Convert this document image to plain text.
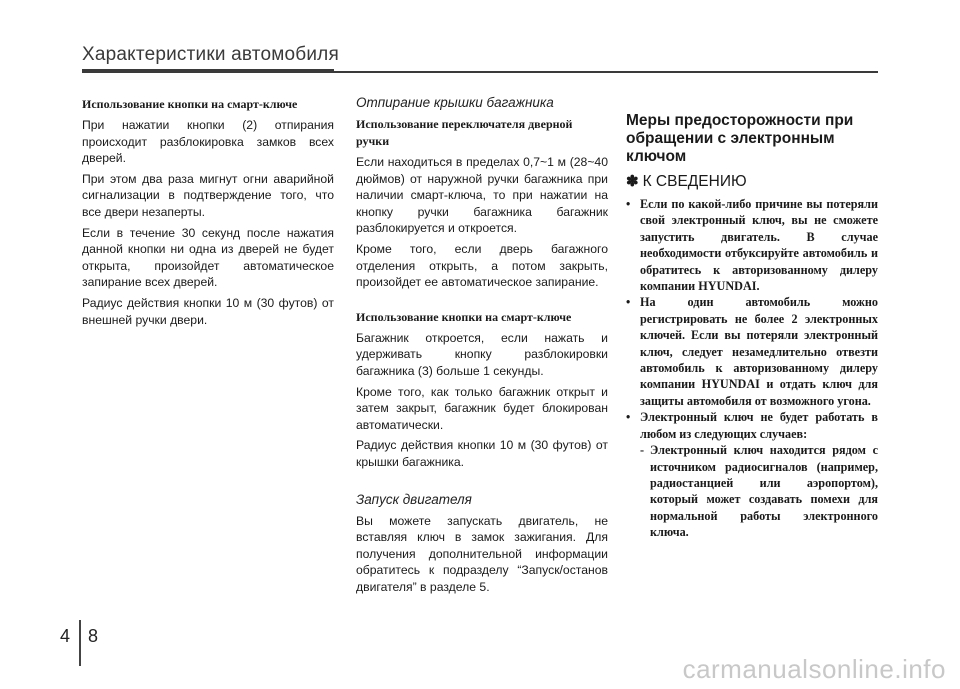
Характеристики автомобиля
Использование кнопки на смарт-ключе
При нажатии кнопки (2) отпирания происходит разблокировка замков всех дверей.
При этом два раза мигнут огни аварийной сигнализации в подтверждение того, что все двери незаперты.
Если в течение 30 секунд после нажатия данной кнопки ни одна из дверей не будет открыта, произойдет автоматическое запирание всех дверей.
Радиус действия кнопки 10 м (30 футов) от внешней ручки двери.
Отпирание крышки багажника
Использование переключателя дверной ручки
Если находиться в пределах 0,7~1 м (28~40 дюймов) от наружной ручки багажника при наличии смарт-ключа, то при нажатии на кнопку ручки багажника багажник разблокируется и откроется.
Кроме того, если дверь багажного отделения открыть, а потом закрыть, произойдет ее автоматическое запирание.
Использование кнопки на смарт-ключе
Багажник откроется, если нажать и удерживать кнопку разблокировки багажника (3) больше 1 секунды.
Кроме того, как только багажник открыт и затем закрыт, багажник будет блокирован автоматически.
Радиус действия кнопки 10 м (30 футов) от крышки багажника.
Запуск двигателя
Вы можете запускать двигатель, не вставляя ключ в замок зажигания. Для получения дополнительной информации обратитесь к подразделу “Запуск/останов двигателя” в разделе 5.
Меры предосторожности при обращении с электронным ключом
✽ К СВЕДЕНИЮ
• Если по какой-либо причине вы потеряли свой электронный ключ, вы не сможете запустить двигатель. В случае необходимости отбуксируйте автомобиль и обратитесь к авторизованному дилеру компании HYUNDAI.
• На один автомобиль можно регистрировать не более 2 электронных ключей. Если вы потеряли электронный ключ, следует незамедлительно отвезти автомобиль к авторизованному дилеру компании HYUNDAI и отдать ключ для защиты автомобиля от возможного угона.
• Электронный ключ не будет работать в любом из следующих случаев:
- Электронный ключ находится рядом с источником радиосигналов (например, радиостанцией или аэропортом), который может создавать помехи для нормальной работы электронного ключа.
4 8
carmanualsonline.info
